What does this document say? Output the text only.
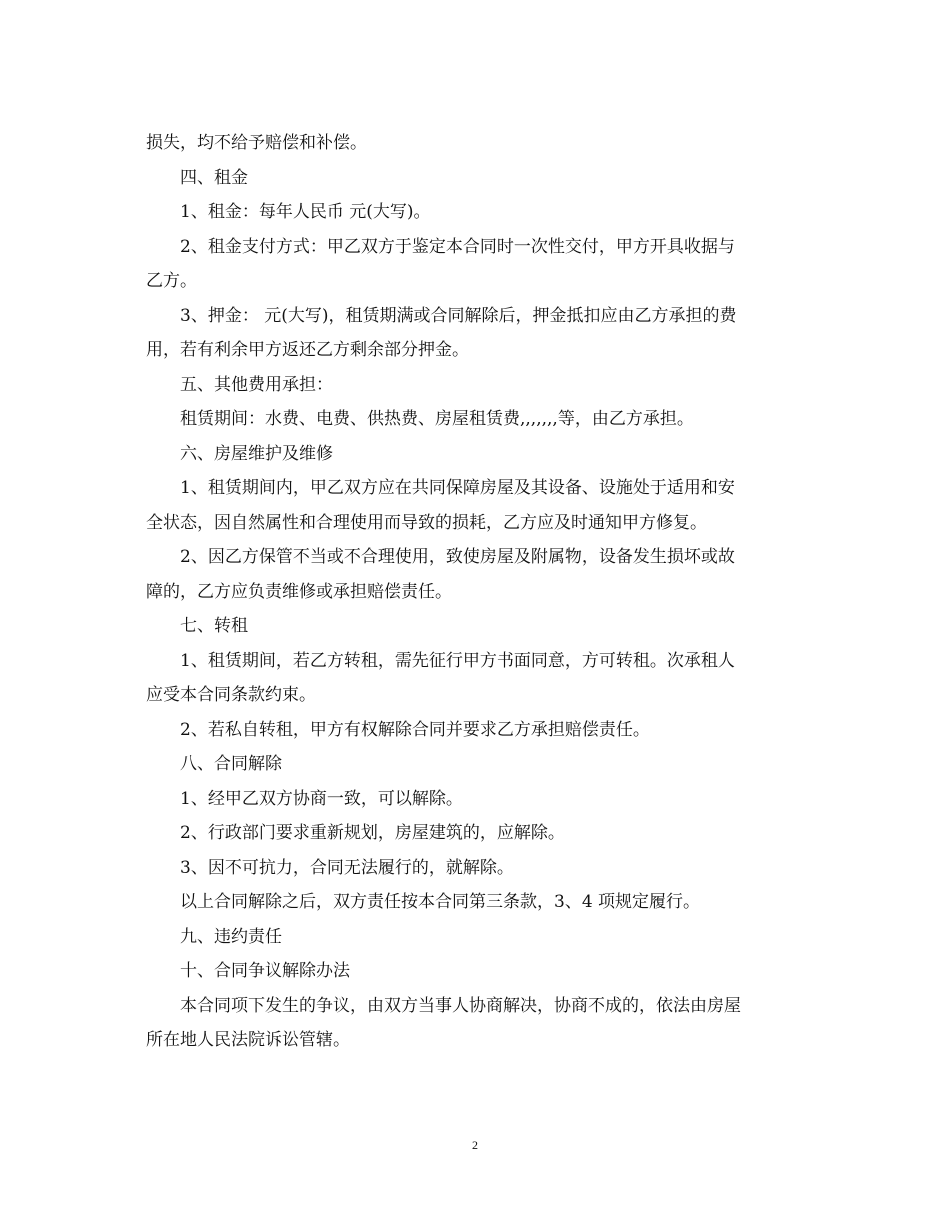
损失，均不给予赔偿和补偿。
四、租金
1、租金：每年人民币 元(大写)。
2、租金支付方式：甲乙双方于鉴定本合同时一次性交付，甲方开具收据与
乙方。
3、押金： 元(大写)，租赁期满或合同解除后，押金抵扣应由乙方承担的费
用，若有利余甲方返还乙方剩余部分押金。
五、其他费用承担：
租赁期间：水费、电费、供热费、房屋租赁费,,,,,,,等，由乙方承担。
六、房屋维护及维修
1、租赁期间内，甲乙双方应在共同保障房屋及其设备、设施处于适用和安
全状态，因自然属性和合理使用而导致的损耗，乙方应及时通知甲方修复。
2、因乙方保管不当或不合理使用，致使房屋及附属物，设备发生损坏或故
障的，乙方应负责维修或承担赔偿责任。
七、转租
1、租赁期间，若乙方转租，需先征行甲方书面同意，方可转租。次承租人
应受本合同条款约束。
2、若私自转租，甲方有权解除合同并要求乙方承担赔偿责任。
八、合同解除
1、经甲乙双方协商一致，可以解除。
2、行政部门要求重新规划，房屋建筑的，应解除。
3、因不可抗力，合同无法履行的，就解除。
以上合同解除之后，双方责任按本合同第三条款，3、4 项规定履行。
九、违约责任
十、合同争议解除办法
本合同项下发生的争议，由双方当事人协商解决，协商不成的，依法由房屋
所在地人民法院诉讼管辖。
2
